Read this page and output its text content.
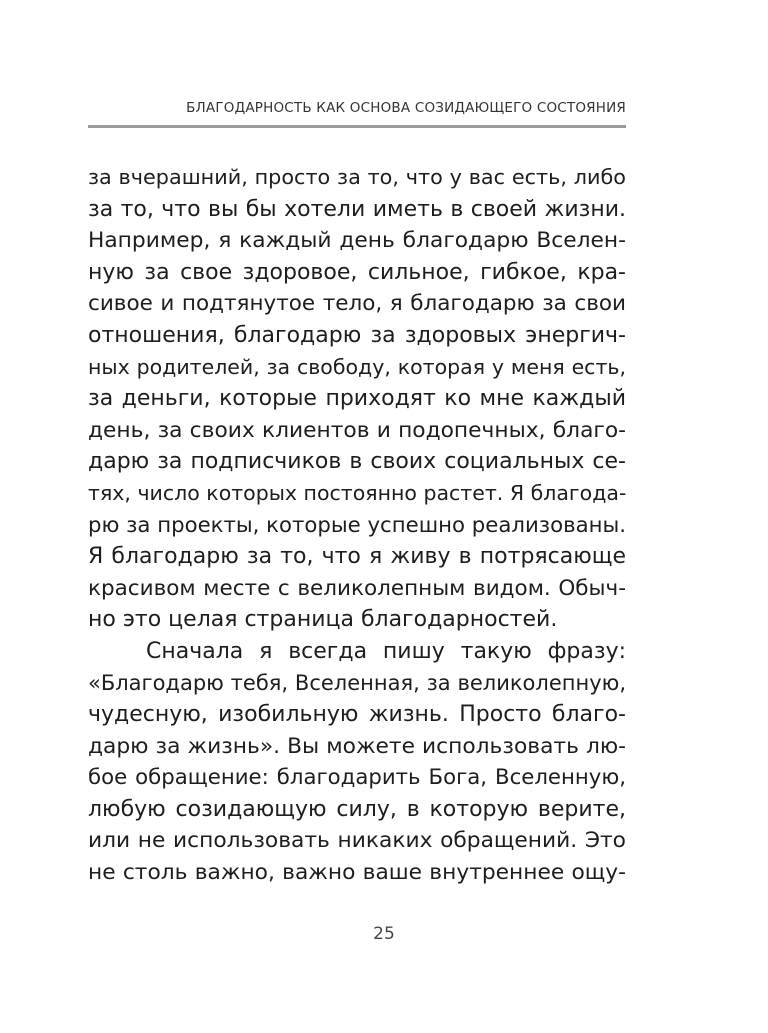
БЛАГОДАРНОСТЬ КАК ОСНОВА СОЗИДАЮЩЕГО СОСТОЯНИЯ
за вчерашний, просто за то, что у вас есть, либо
за то, что вы бы хотели иметь в своей жизни.
Например, я каждый день благодарю Вселен-
ную за свое здоровое, сильное, гибкое, кра-
сивое и подтянутое тело, я благодарю за свои
отношения, благодарю за здоровых энергич-
ных родителей, за свободу, которая у меня есть,
за деньги, которые приходят ко мне каждый
день, за своих клиентов и подопечных, благо-
дарю за подписчиков в своих социальных се-
тях, число которых постоянно растет. Я благода-
рю за проекты, которые успешно реализованы.
Я благодарю за то, что я живу в потрясающе
красивом месте с великолепным видом. Обыч-
но это целая страница благодарностей.
Сначала я всегда пишу такую фразу:
«Благодарю тебя, Вселенная, за великолепную,
чудесную, изобильную жизнь. Просто благо-
дарю за жизнь». Вы можете использовать лю-
бое обращение: благодарить Бога, Вселенную,
любую созидающую силу, в которую верите,
или не использовать никаких обращений. Это
не столь важно, важно ваше внутреннее ощу-
25
